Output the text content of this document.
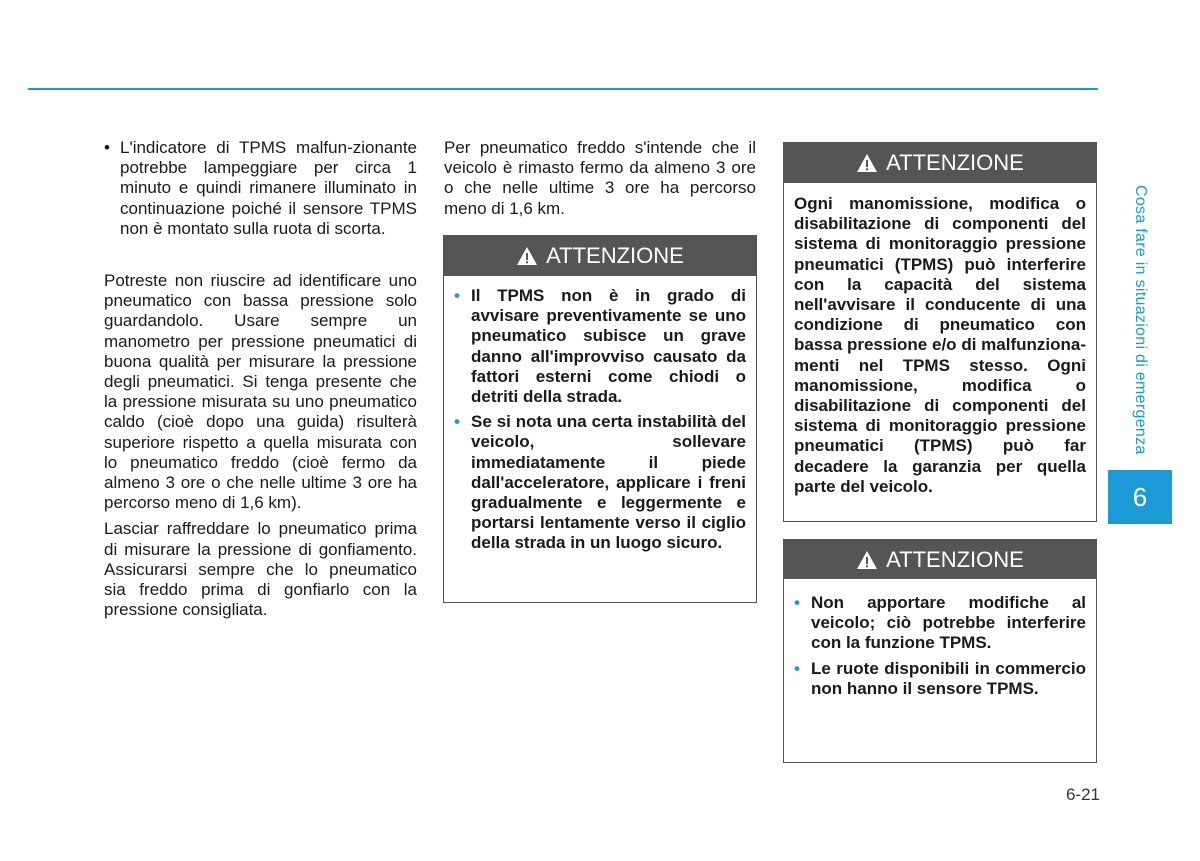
• L'indicatore di TPMS malfun-zionante potrebbe lampeggiare per circa 1 minuto e quindi rimanere illuminato in continuazione poiché il sensore TPMS non è montato sulla ruota di scorta.

Potreste non riuscire ad identificare uno pneumatico con bassa pressione solo guardandolo. Usare sempre un manometro per pressione pneumatici di buona qualità per misurare la pressione degli pneumatici. Si tenga presente che la pressione misurata su uno pneumatico caldo (cioè dopo una guida) risulterà superiore rispetto a quella misurata con lo pneumatico freddo (cioè fermo da almeno 3 ore o che nelle ultime 3 ore ha percorso meno di 1,6 km).

Lasciar raffreddare lo pneumatico prima di misurare la pressione di gonfiamento. Assicurarsi sempre che lo pneumatico sia freddo prima di gonfiarlo con la pressione consigliata.

Per pneumatico freddo s'intende che il veicolo è rimasto fermo da almeno 3 ore o che nelle ultime 3 ore ha percorso meno di 1,6 km.

ATTENZIONE
• Il TPMS non è in grado di avvisare preventivamente se uno pneumatico subisce un grave danno all'improvviso causato da fattori esterni come chiodi o detriti della strada.
• Se si nota una certa instabilità del veicolo, sollevare immediatamente il piede dall'acceleratore, applicare i freni gradualmente e leggermente e portarsi lentamente verso il ciglio della strada in un luogo sicuro.
ATTENZIONE
Ogni manomissione, modifica o disabilitazione di componenti del sistema di monitoraggio pressione pneumatici (TPMS) può interferire con la capacità del sistema nell'avvisare il conducente di una condizione di pneumatico con bassa pressione e/o di malfunziona-menti nel TPMS stesso. Ogni manomissione, modifica o disabilitazione di componenti del sistema di monitoraggio pressione pneumatici (TPMS) può far decadere la garanzia per quella parte del veicolo.
ATTENZIONE
• Non apportare modifiche al veicolo; ciò potrebbe interferire con la funzione TPMS.
• Le ruote disponibili in commercio non hanno il sensore TPMS.
Cosa fare in situazioni di emergenza
6
6-21
